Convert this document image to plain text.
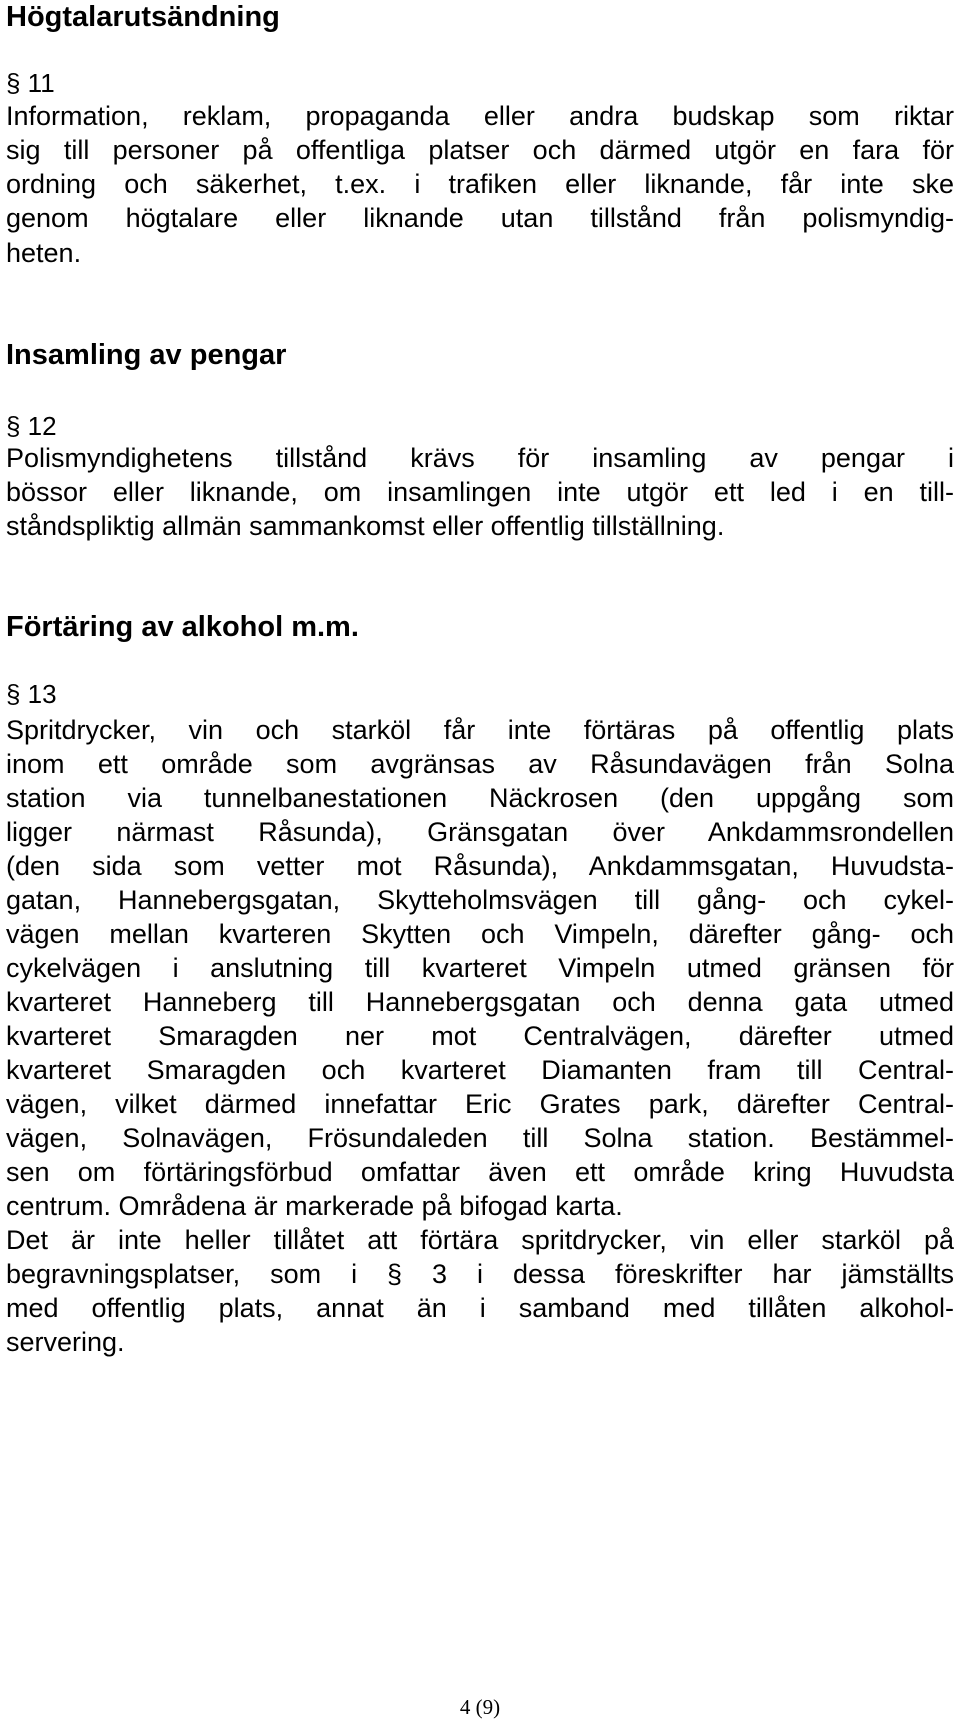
Högtalarutsändning

§ 11

Information, reklam, propaganda eller andra budskap som riktar

sig till personer på offentliga platser och därmed utgör en fara för

ordning och säkerhet, t.ex. i trafiken eller liknande, får inte ske

genom högtalare eller liknande utan tillstånd från polismyndig-

heten.

Insamling av pengar

§ 12

Polismyndighetens tillstånd krävs för insamling av pengar i

bössor eller liknande, om insamlingen inte utgör ett led i en till-

ståndspliktig allmän sammankomst eller offentlig tillställning.

Förtäring av alkohol m.m.

§ 13

Spritdrycker, vin och starköl får inte förtäras på offentlig plats

inom ett område som avgränsas av Råsundavägen från Solna

station via tunnelbanestationen Näckrosen (den uppgång som

ligger närmast Råsunda), Gränsgatan över Ankdammsrondellen

(den sida som vetter mot Råsunda), Ankdammsgatan, Huvudsta-

gatan, Hannebergsgatan, Skytteholmsvägen till gång- och cykel-

vägen mellan kvarteren Skytten och Vimpeln, därefter gång- och

cykelvägen i anslutning till kvarteret Vimpeln utmed gränsen för

kvarteret Hanneberg till Hannebergsgatan och denna gata utmed

kvarteret Smaragden ner mot Centralvägen, därefter utmed

kvarteret Smaragden och kvarteret Diamanten fram till Central-

vägen, vilket därmed innefattar Eric Grates park, därefter Central-

vägen, Solnavägen, Frösundaleden till Solna station. Bestämmel-

sen om förtäringsförbud omfattar även ett område kring Huvudsta

centrum. Områdena är markerade på bifogad karta.

Det är inte heller tillåtet att förtära spritdrycker, vin eller starköl på

begravningsplatser, som i § 3 i dessa föreskrifter har jämställts

med offentlig plats, annat än i samband med tillåten alkohol-

servering.

4 (9)
